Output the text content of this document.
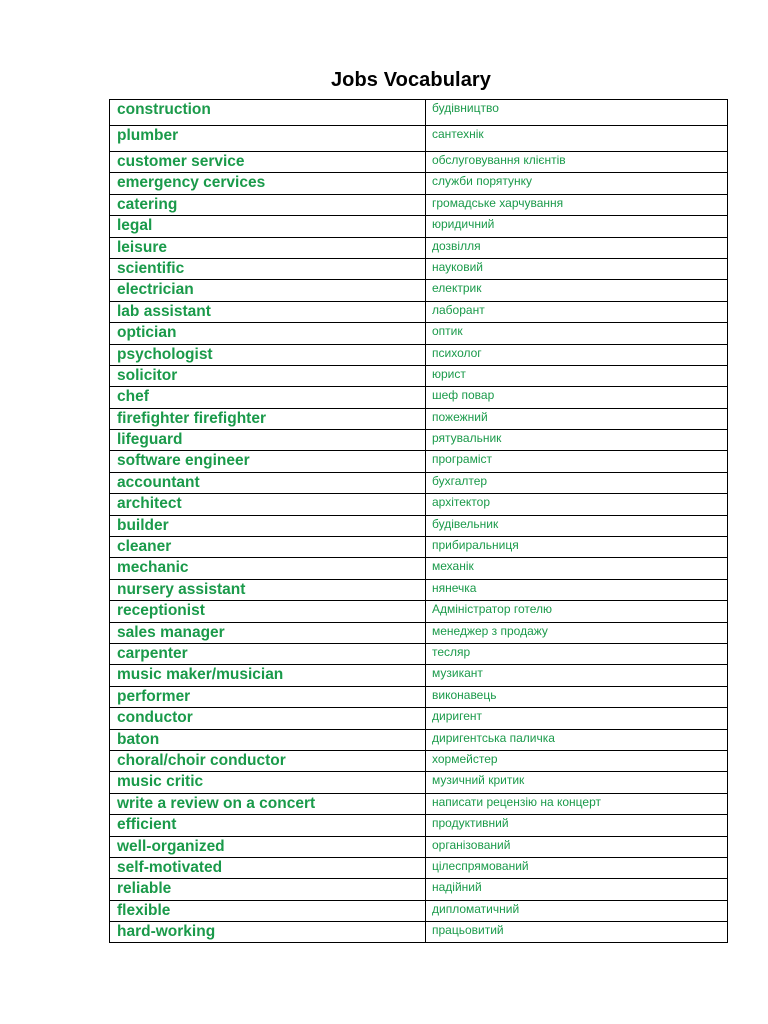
Jobs Vocabulary
construction	будівництво
plumber	сантехнік
customer service	обслуговування клієнтів
emergency cervices	служби порятунку
catering	громадське харчування
legal	юридичний
leisure	дозвілля
scientific	науковий
electrician	електрик
lab assistant	лаборант
optician	оптик
psychologist	психолог
solicitor	юрист
chef	шеф повар
firefighter firefighter	пожежний
lifeguard	рятувальник
software engineer	програміст
accountant	бухгалтер
architect	архітектор
builder	будівельник
cleaner	прибиральниця
mechanic	механік
nursery assistant	нянечка
receptionist	Адміністратор готелю
sales manager	менеджер з продажу
carpenter	тесляр
music maker/musician	музикант
performer	виконавець
conductor	диригент
baton	диригентська паличка
choral/choir conductor	хормейстер
music critic	музичний критик
write a review on a concert	написати рецензію на концерт
efficient	продуктивний
well-organized	організований
self-motivated	цілеспрямований
reliable	надійний
flexible	дипломатичний
hard-working	працьовитий
